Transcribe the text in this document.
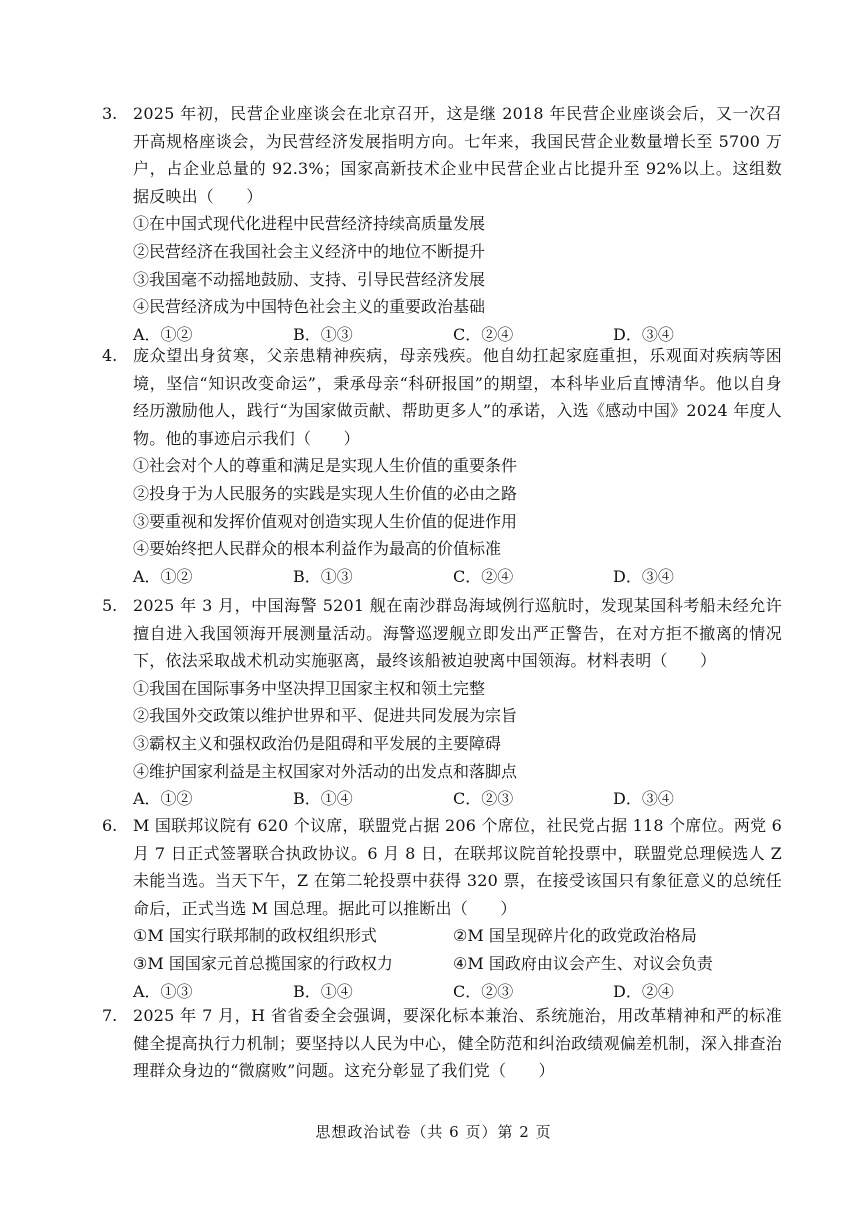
3. 2025 年初，民营企业座谈会在北京召开，这是继 2018 年民营企业座谈会后，又一次召开高规格座谈会，为民营经济发展指明方向。七年来，我国民营企业数量增长至 5700 万户，占企业总量的 92.3%；国家高新技术企业中民营企业占比提升至 92%以上。这组数据反映出（　　）
①在中国式现代化进程中民营经济持续高质量发展
②民营经济在我国社会主义经济中的地位不断提升
③我国毫不动摇地鼓励、支持、引导民营经济发展
④民营经济成为中国特色社会主义的重要政治基础
A．①②	B．①③	C．②④	D．③④
4. 庞众望出身贫寒，父亲患精神疾病，母亲残疾。他自幼扛起家庭重担，乐观面对疾病等困境，坚信“知识改变命运”，秉承母亲“科研报国”的期望，本科毕业后直博清华。他以自身经历激励他人，践行“为国家做贡献、帮助更多人”的承诺，入选《感动中国》2024 年度人物。他的事迹启示我们（　　）
①社会对个人的尊重和满足是实现人生价值的重要条件
②投身于为人民服务的实践是实现人生价值的必由之路
③要重视和发挥价值观对创造实现人生价值的促进作用
④要始终把人民群众的根本利益作为最高的价值标准
A．①②	B．①③	C．②④	D．③④
5. 2025 年 3 月，中国海警 5201 舰在南沙群岛海域例行巡航时，发现某国科考船未经允许擅自进入我国领海开展测量活动。海警巡逻舰立即发出严正警告，在对方拒不撤离的情况下，依法采取战术机动实施驱离，最终该船被迫驶离中国领海。材料表明（　　）
①我国在国际事务中坚决捍卫国家主权和领土完整
②我国外交政策以维护世界和平、促进共同发展为宗旨
③霸权主义和强权政治仍是阻碍和平发展的主要障碍
④维护国家利益是主权国家对外活动的出发点和落脚点
A．①②	B．①④	C．②③	D．③④
6. M 国联邦议院有 620 个议席，联盟党占据 206 个席位，社民党占据 118 个席位。两党 6 月 7 日正式签署联合执政协议。6 月 8 日，在联邦议院首轮投票中，联盟党总理候选人 Z 未能当选。当天下午，Z 在第二轮投票中获得 320 票，在接受该国只有象征意义的总统任命后，正式当选 M 国总理。据此可以推断出（　　）
①M 国实行联邦制的政权组织形式	②M 国呈现碎片化的政党政治格局
③M 国国家元首总揽国家的行政权力	④M 国政府由议会产生、对议会负责
A．①③	B．①④	C．②③	D．②④
7. 2025 年 7 月，H 省省委全会强调，要深化标本兼治、系统施治，用改革精神和严的标准健全提高执行力机制；要坚持以人民为中心，健全防范和纠治政绩观偏差机制，深入排查治理群众身边的“微腐败”问题。这充分彰显了我们党（　　）
思想政治试卷（共 6 页）第 2 页
